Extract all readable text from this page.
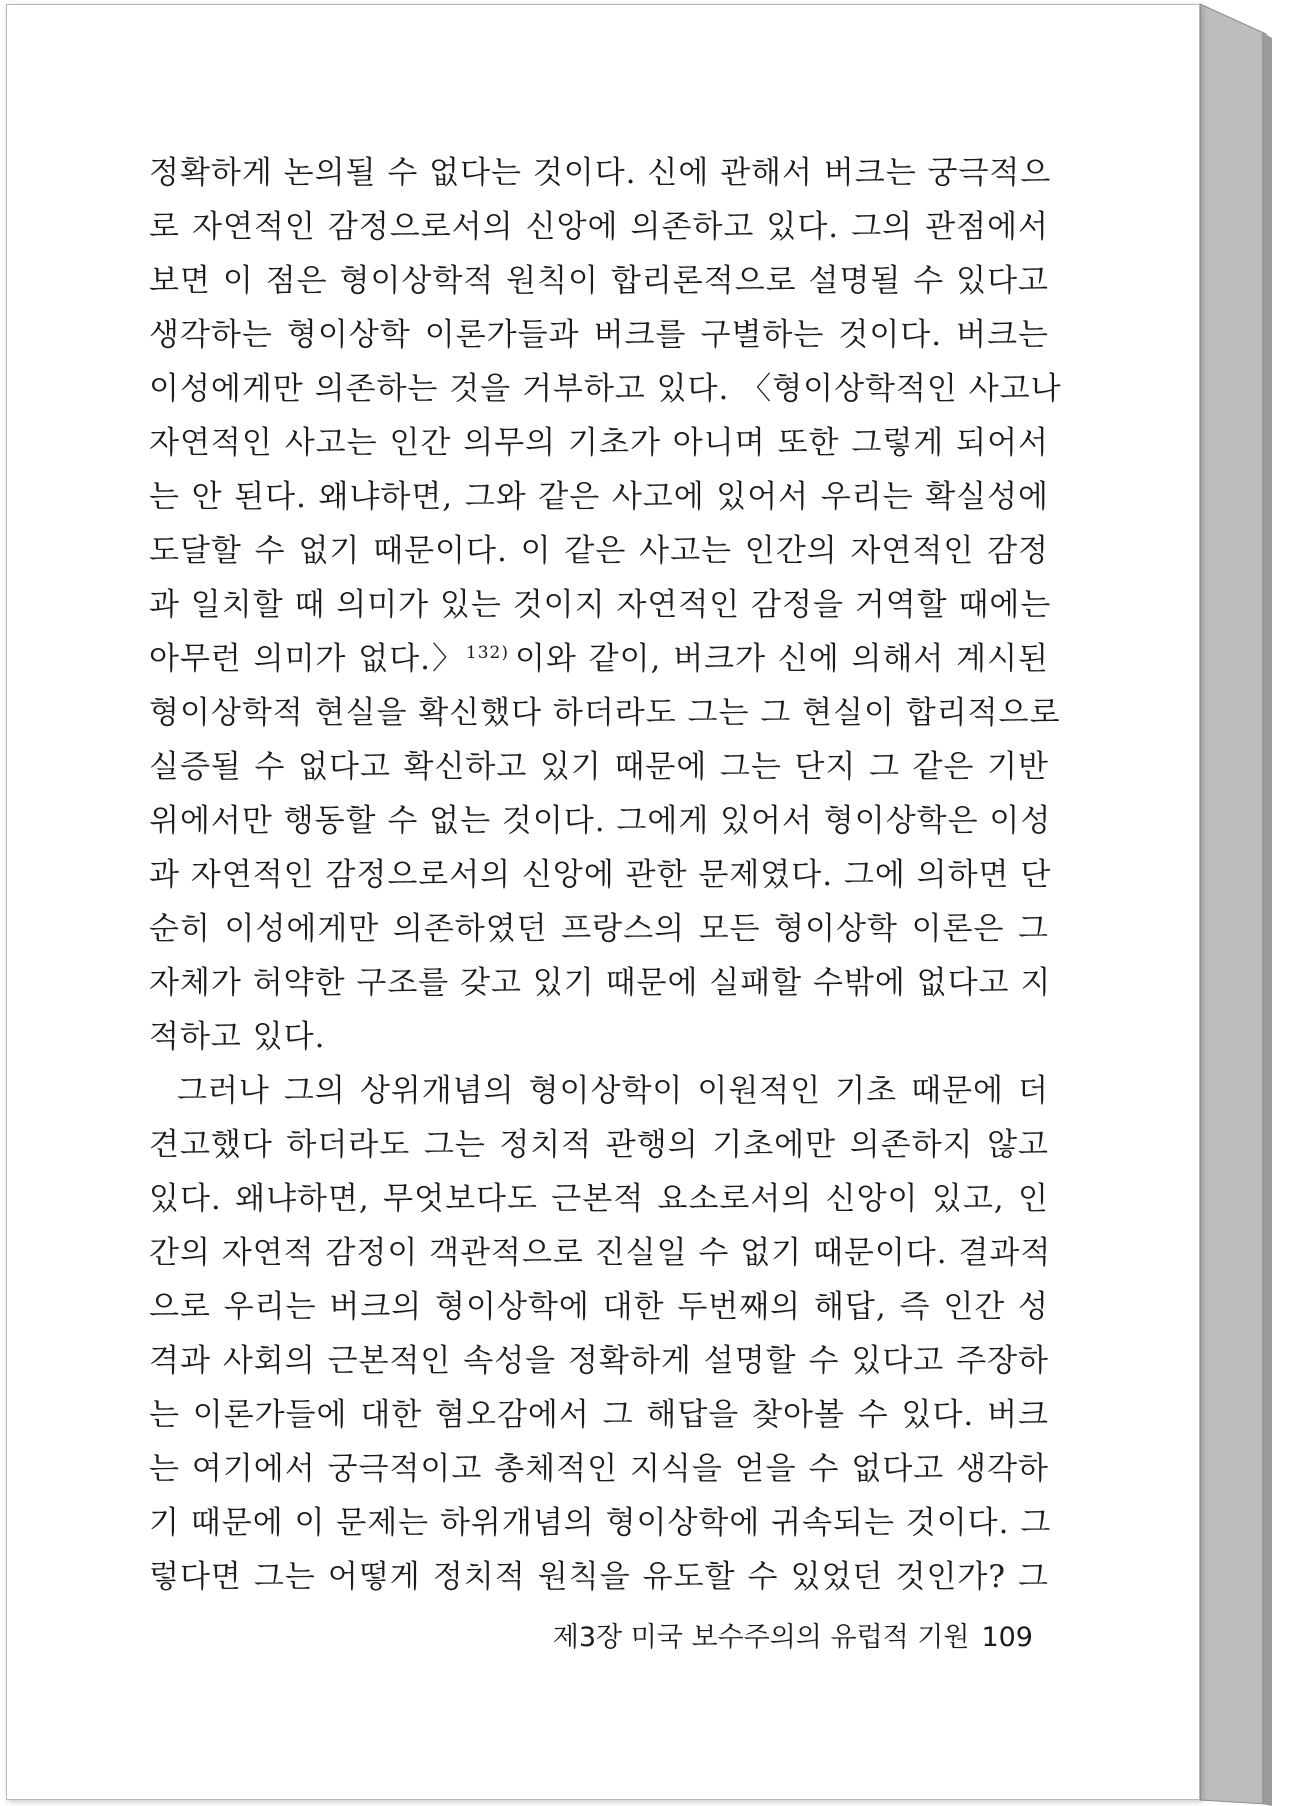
정확하게 논의될 수 없다는 것이다. 신에 관해서 버크는 궁극적으
로 자연적인 감정으로서의 신앙에 의존하고 있다. 그의 관점에서
보면 이 점은 형이상학적 원칙이 합리론적으로 설명될 수 있다고
생각하는 형이상학 이론가들과 버크를 구별하는 것이다. 버크는
이성에게만 의존하는 것을 거부하고 있다. 〈형이상학적인 사고나
자연적인 사고는 인간 의무의 기초가 아니며 또한 그렇게 되어서
는 안 된다. 왜냐하면, 그와 같은 사고에 있어서 우리는 확실성에
도달할 수 없기 때문이다. 이 같은 사고는 인간의 자연적인 감정
과 일치할 때 의미가 있는 것이지 자연적인 감정을 거역할 때에는
아무런 의미가 없다.〉$^{132)}$ 이와 같이, 버크가 신에 의해서 계시된
형이상학적 현실을 확신했다 하더라도 그는 그 현실이 합리적으로
실증될 수 없다고 확신하고 있기 때문에 그는 단지 그 같은 기반
위에서만 행동할 수 없는 것이다. 그에게 있어서 형이상학은 이성
과 자연적인 감정으로서의 신앙에 관한 문제였다. 그에 의하면 단
순히 이성에게만 의존하였던 프랑스의 모든 형이상학 이론은 그
자체가 허약한 구조를 갖고 있기 때문에 실패할 수밖에 없다고 지
적하고 있다.
그러나 그의 상위개념의 형이상학이 이원적인 기초 때문에 더
견고했다 하더라도 그는 정치적 관행의 기초에만 의존하지 않고
있다. 왜냐하면, 무엇보다도 근본적 요소로서의 신앙이 있고, 인
간의 자연적 감정이 객관적으로 진실일 수 없기 때문이다. 결과적
으로 우리는 버크의 형이상학에 대한 두번째의 해답, 즉 인간 성
격과 사회의 근본적인 속성을 정확하게 설명할 수 있다고 주장하
는 이론가들에 대한 혐오감에서 그 해답을 찾아볼 수 있다. 버크
는 여기에서 궁극적이고 총체적인 지식을 얻을 수 없다고 생각하
기 때문에 이 문제는 하위개념의 형이상학에 귀속되는 것이다. 그
렇다면 그는 어떻게 정치적 원칙을 유도할 수 있었던 것인가? 그
제3장 미국 보수주의의 유럽적 기원 109
